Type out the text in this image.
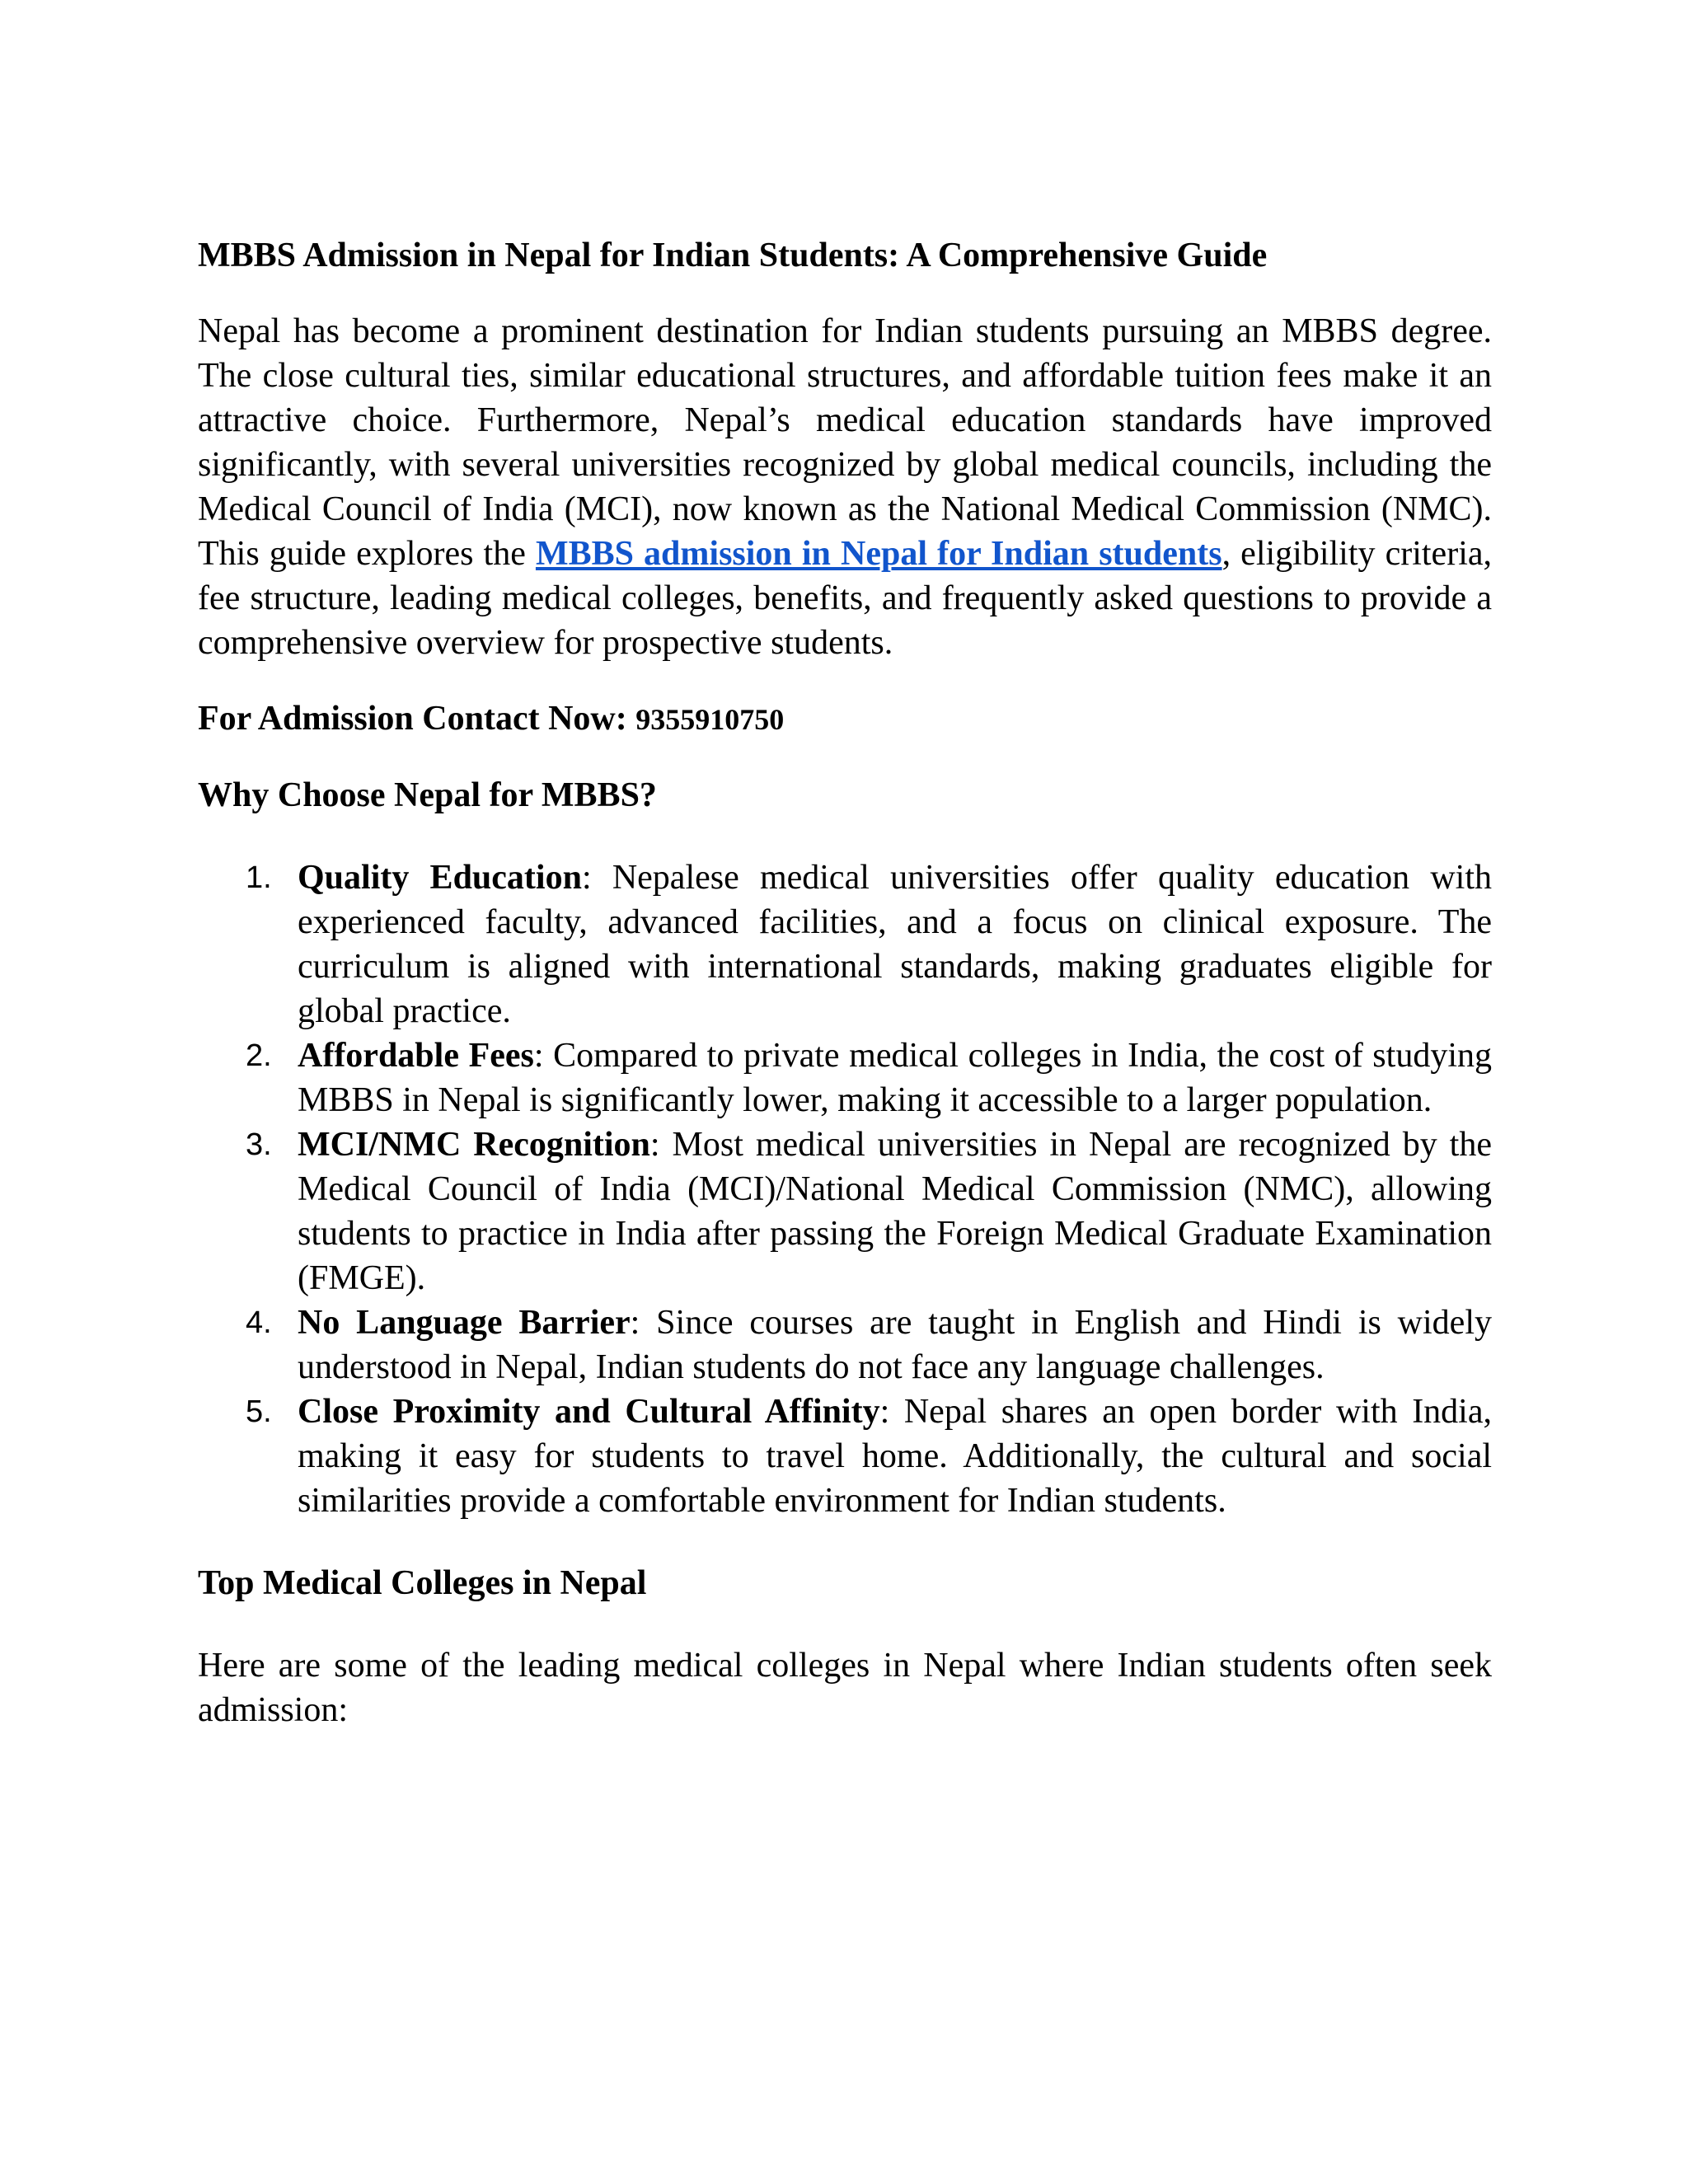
MBBS Admission in Nepal for Indian Students: A Comprehensive Guide

Nepal has become a prominent destination for Indian students pursuing an MBBS degree. The close cultural ties, similar educational structures, and affordable tuition fees make it an attractive choice. Furthermore, Nepal’s medical education standards have improved significantly, with several universities recognized by global medical councils, including the Medical Council of India (MCI), now known as the National Medical Commission (NMC). This guide explores the MBBS admission in Nepal for Indian students, eligibility criteria, fee structure, leading medical colleges, benefits, and frequently asked questions to provide a comprehensive overview for prospective students.

For Admission Contact Now: 9355910750

Why Choose Nepal for MBBS?
1. Quality Education: Nepalese medical universities offer quality education with experienced faculty, advanced facilities, and a focus on clinical exposure. The curriculum is aligned with international standards, making graduates eligible for global practice.
2. Affordable Fees: Compared to private medical colleges in India, the cost of studying MBBS in Nepal is significantly lower, making it accessible to a larger population.
3. MCI/NMC Recognition: Most medical universities in Nepal are recognized by the Medical Council of India (MCI)/National Medical Commission (NMC), allowing students to practice in India after passing the Foreign Medical Graduate Examination (FMGE).
4. No Language Barrier: Since courses are taught in English and Hindi is widely understood in Nepal, Indian students do not face any language challenges.
5. Close Proximity and Cultural Affinity: Nepal shares an open border with India, making it easy for students to travel home. Additionally, the cultural and social similarities provide a comfortable environment for Indian students.
Top Medical Colleges in Nepal

Here are some of the leading medical colleges in Nepal where Indian students often seek admission:
